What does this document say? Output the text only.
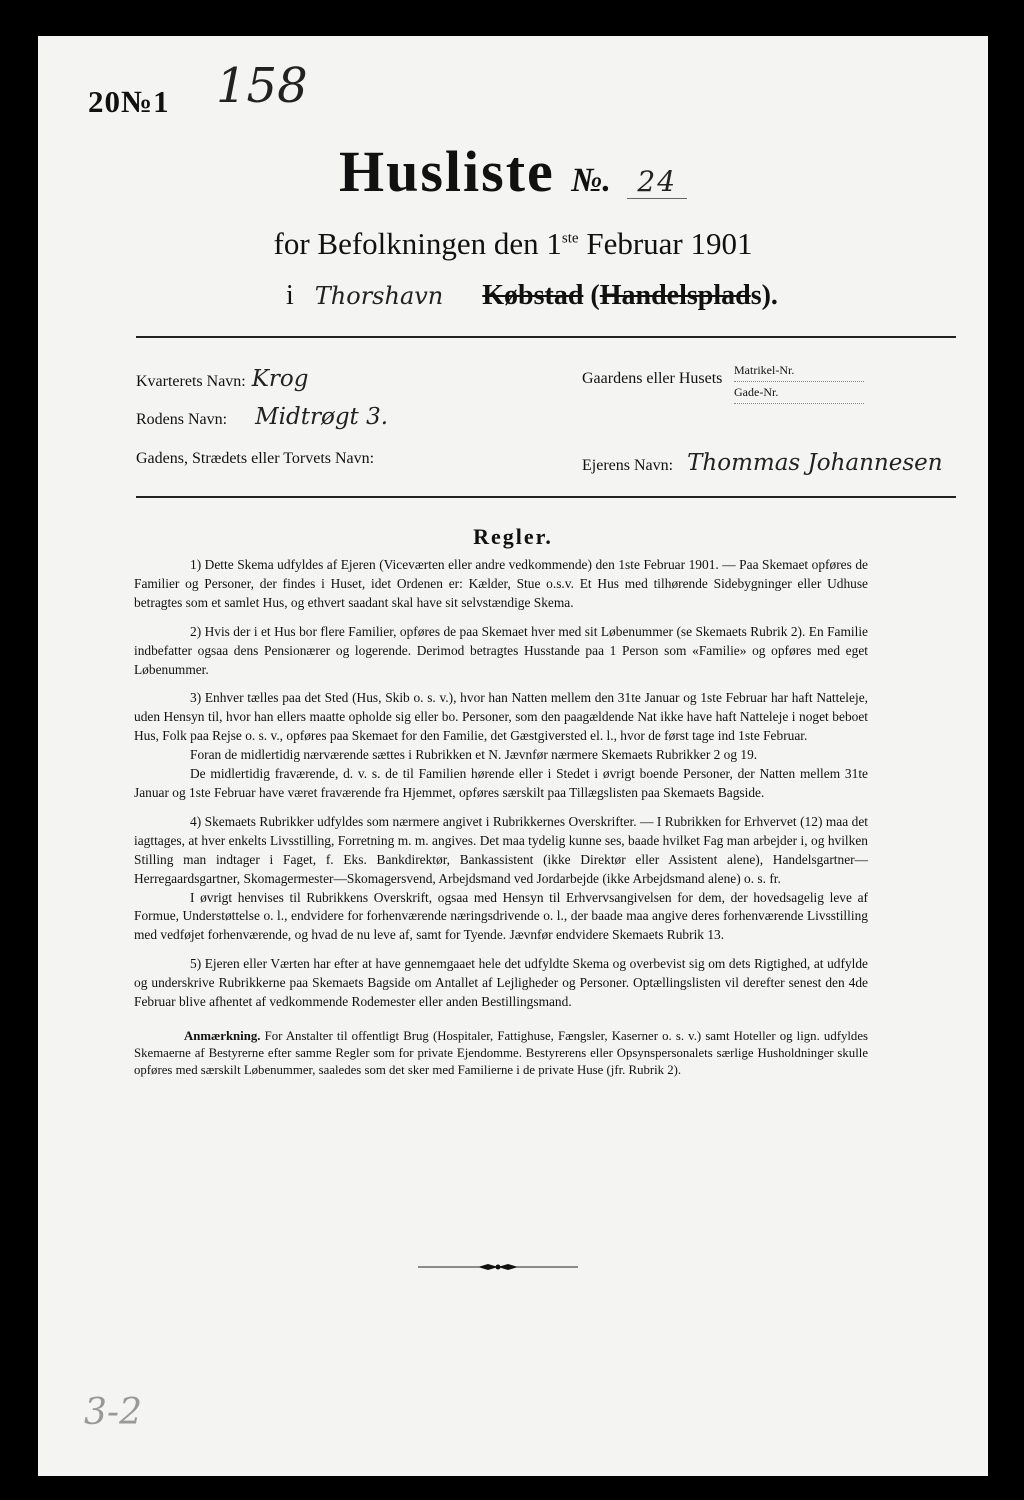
20№1 158
Husliste №. 24
for Befolkningen den 1ste Februar 1901
i Thorshavn Købstad (Handelsplads).
Kvarterets Navn: Krog
Rodens Navn: Midtrøgt 3.
Gadens, Strædets eller Torvets Navn:
Gaardens eller Husets Matrikel-Nr.
Gade-Nr.
Ejerens Navn: Thommas Johannesen
Regler.

1) Dette Skema udfyldes af Ejeren (Viceværten eller andre vedkommende) den 1ste Februar 1901. — Paa Skemaet opføres de Familier og Personer, der findes i Huset, idet Ordenen er: Kælder, Stue o.s.v. Et Hus med tilhørende Sidebygninger eller Udhuse betragtes som et samlet Hus, og ethvert saadant skal have sit selvstændige Skema.

2) Hvis der i et Hus bor flere Familier, opføres de paa Skemaet hver med sit Løbenummer (se Skemaets Rubrik 2). En Familie indbefatter ogsaa dens Pensionærer og logerende. Derimod betragtes Husstande paa 1 Person som «Familie» og opføres med eget Løbenummer.

3) Enhver tælles paa det Sted (Hus, Skib o. s. v.), hvor han Natten mellem den 31te Januar og 1ste Februar har haft Natteleje, uden Hensyn til, hvor han ellers maatte opholde sig eller bo. Personer, som den paagældende Nat ikke have haft Natteleje i noget beboet Hus, Folk paa Rejse o. s. v., opføres paa Skemaet for den Familie, det Gæstgiversted el. l., hvor de først tage ind 1ste Februar.

Foran de midlertidig nærværende sættes i Rubrikken et N. Jævnfør nærmere Skemaets Rubrikker 2 og 19.

De midlertidig fraværende, d. v. s. de til Familien hørende eller i Stedet i øvrigt boende Personer, der Natten mellem 31te Januar og 1ste Februar have været fraværende fra Hjemmet, opføres særskilt paa Tillægslisten paa Skemaets Bagside.

4) Skemaets Rubrikker udfyldes som nærmere angivet i Rubrikkernes Overskrifter. — I Rubrikken for Erhvervet (12) maa det iagttages, at hver enkelts Livsstilling, Forretning m. m. angives. Det maa tydelig kunne ses, baade hvilket Fag man arbejder i, og hvilken Stilling man indtager i Faget, f. Eks. Bankdirektør, Bankassistent (ikke Direktør eller Assistent alene), Handelsgartner—Herregaardsgartner, Skomagermester—Skomagersvend, Arbejdsmand ved Jordarbejde (ikke Arbejdsmand alene) o. s. fr.

I øvrigt henvises til Rubrikkens Overskrift, ogsaa med Hensyn til Erhvervsangivelsen for dem, der hovedsagelig leve af Formue, Understøttelse o. l., endvidere for forhenværende næringsdrivende o. l., der baade maa angive deres forhenværende Livsstilling med vedføjet forhenværende, og hvad de nu leve af, samt for Tyende. Jævnfør endvidere Skemaets Rubrik 13.

5) Ejeren eller Værten har efter at have gennemgaaet hele det udfyldte Skema og overbevist sig om dets Rigtighed, at udfylde og underskrive Rubrikkerne paa Skemaets Bagside om Antallet af Lejligheder og Personer. Optællingslisten vil derefter senest den 4de Februar blive afhentet af vedkommende Rodemester eller anden Bestillingsmand.

Anmærkning. For Anstalter til offentligt Brug (Hospitaler, Fattighuse, Fængsler, Kaserner o. s. v.) samt Hoteller og lign. udfyldes Skemaerne af Bestyrerne efter samme Regler som for private Ejendomme. Bestyrerens eller Opsynspersonalets særlige Husholdninger skulle opføres med særskilt Løbenummer, saaledes som det sker med Familierne i de private Huse (jfr. Rubrik 2).

3-2
